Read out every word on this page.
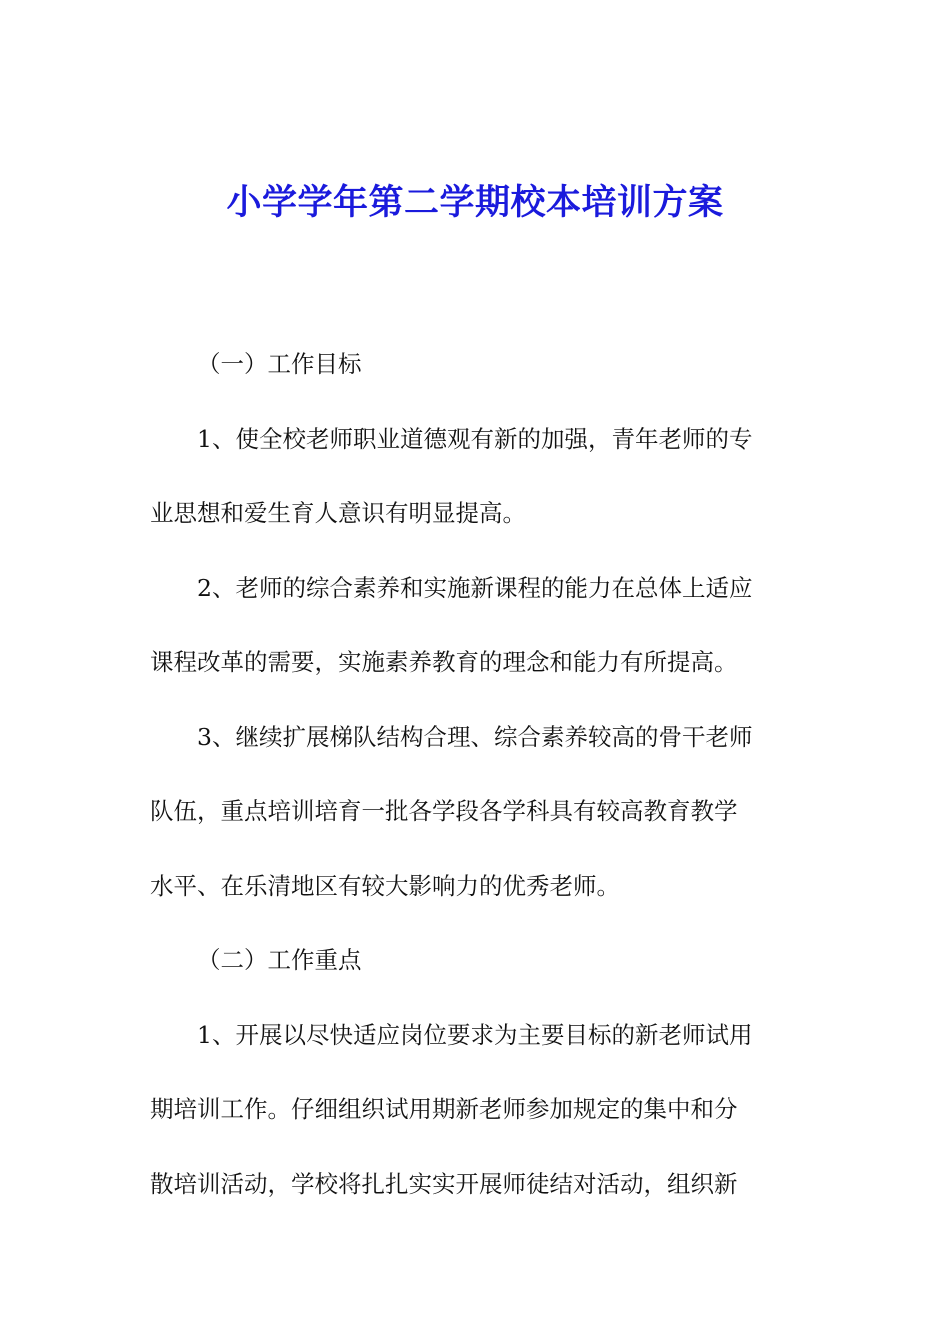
小学学年第二学期校本培训方案

（一）工作目标

1、使全校老师职业道德观有新的加强，青年老师的专
业思想和爱生育人意识有明显提高。

2、老师的综合素养和实施新课程的能力在总体上适应
课程改革的需要，实施素养教育的理念和能力有所提高。

3、继续扩展梯队结构合理、综合素养较高的骨干老师
队伍，重点培训培育一批各学段各学科具有较高教育教学
水平、在乐清地区有较大影响力的优秀老师。

（二）工作重点

1、开展以尽快适应岗位要求为主要目标的新老师试用
期培训工作。仔细组织试用期新老师参加规定的集中和分
散培训活动，学校将扎扎实实开展师徒结对活动，组织新
